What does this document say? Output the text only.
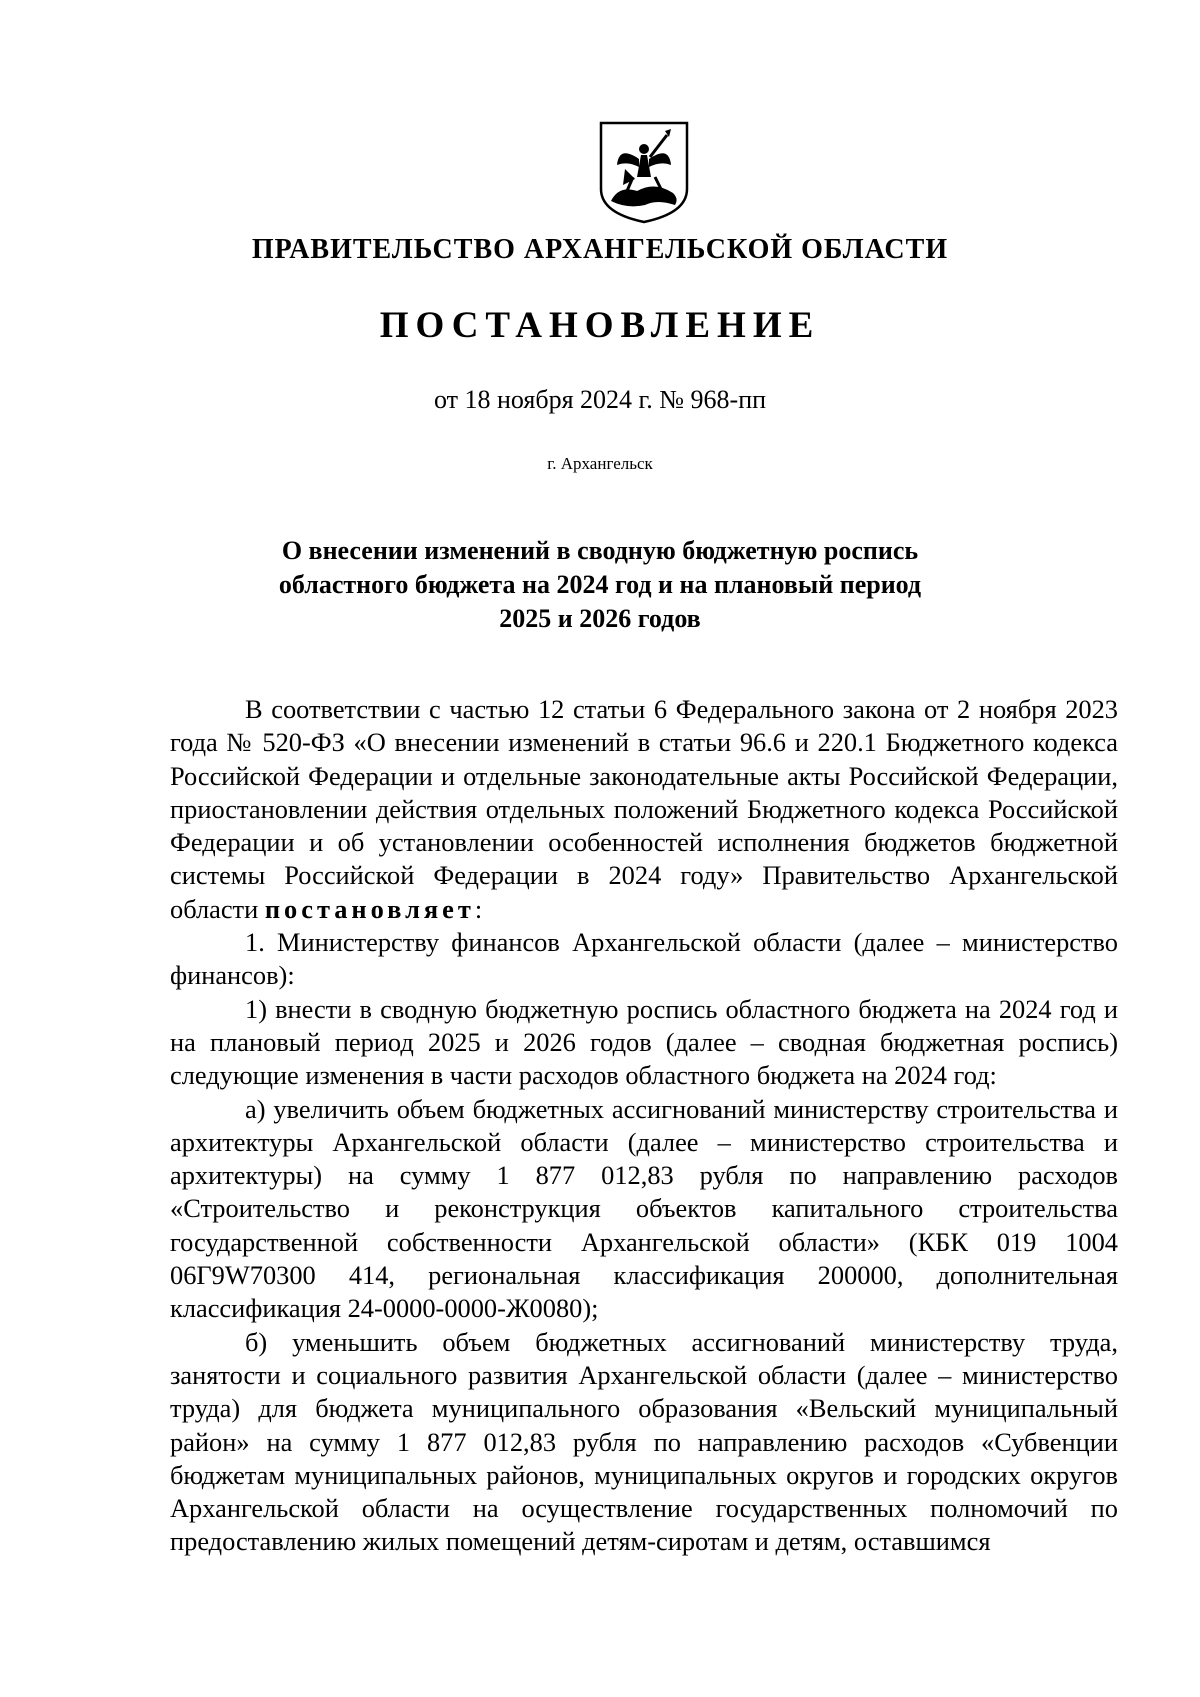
ПРАВИТЕЛЬСТВО АРХАНГЕЛЬСКОЙ ОБЛАСТИ
ПОСТАНОВЛЕНИЕ
от 18 ноября 2024 г. № 968-пп
г. Архангельск
О внесении изменений в сводную бюджетную роспись
областного бюджета на 2024 год и на плановый период
2025 и 2026 годов

В соответствии с частью 12 статьи 6 Федерального закона от 2 ноября 2023 года № 520-ФЗ «О внесении изменений в статьи 96.6 и 220.1 Бюджетного кодекса Российской Федерации и отдельные законодательные акты Российской Федерации, приостановлении действия отдельных положений Бюджетного кодекса Российской Федерации и об установлении особенностей исполнения бюджетов бюджетной системы Российской Федерации в 2024 году» Правительство Архангельской области постановляет:

1. Министерству финансов Архангельской области (далее – министерство финансов):

1) внести в сводную бюджетную роспись областного бюджета на 2024 год и на плановый период 2025 и 2026 годов (далее – сводная бюджетная роспись) следующие изменения в части расходов областного бюджета на 2024 год:

а) увеличить объем бюджетных ассигнований министерству строительства и архитектуры Архангельской области (далее – министерство строительства и архитектуры) на сумму 1 877 012,83 рубля по направлению расходов «Строительство и реконструкция объектов капитального строительства государственной собственности Архангельской области» (КБК 019 1004 06Г9W70300 414, региональная классификация 200000, дополнительная классификация 24-0000-0000-Ж0080);

б) уменьшить объем бюджетных ассигнований министерству труда, занятости и социального развития Архангельской области (далее – министерство труда) для бюджета муниципального образования «Вельский муниципальный район» на сумму 1 877 012,83 рубля по направлению расходов «Субвенции бюджетам муниципальных районов, муниципальных округов и городских округов Архангельской области на осуществление государственных полномочий по предоставлению жилых помещений детям-сиротам и детям, оставшимся
